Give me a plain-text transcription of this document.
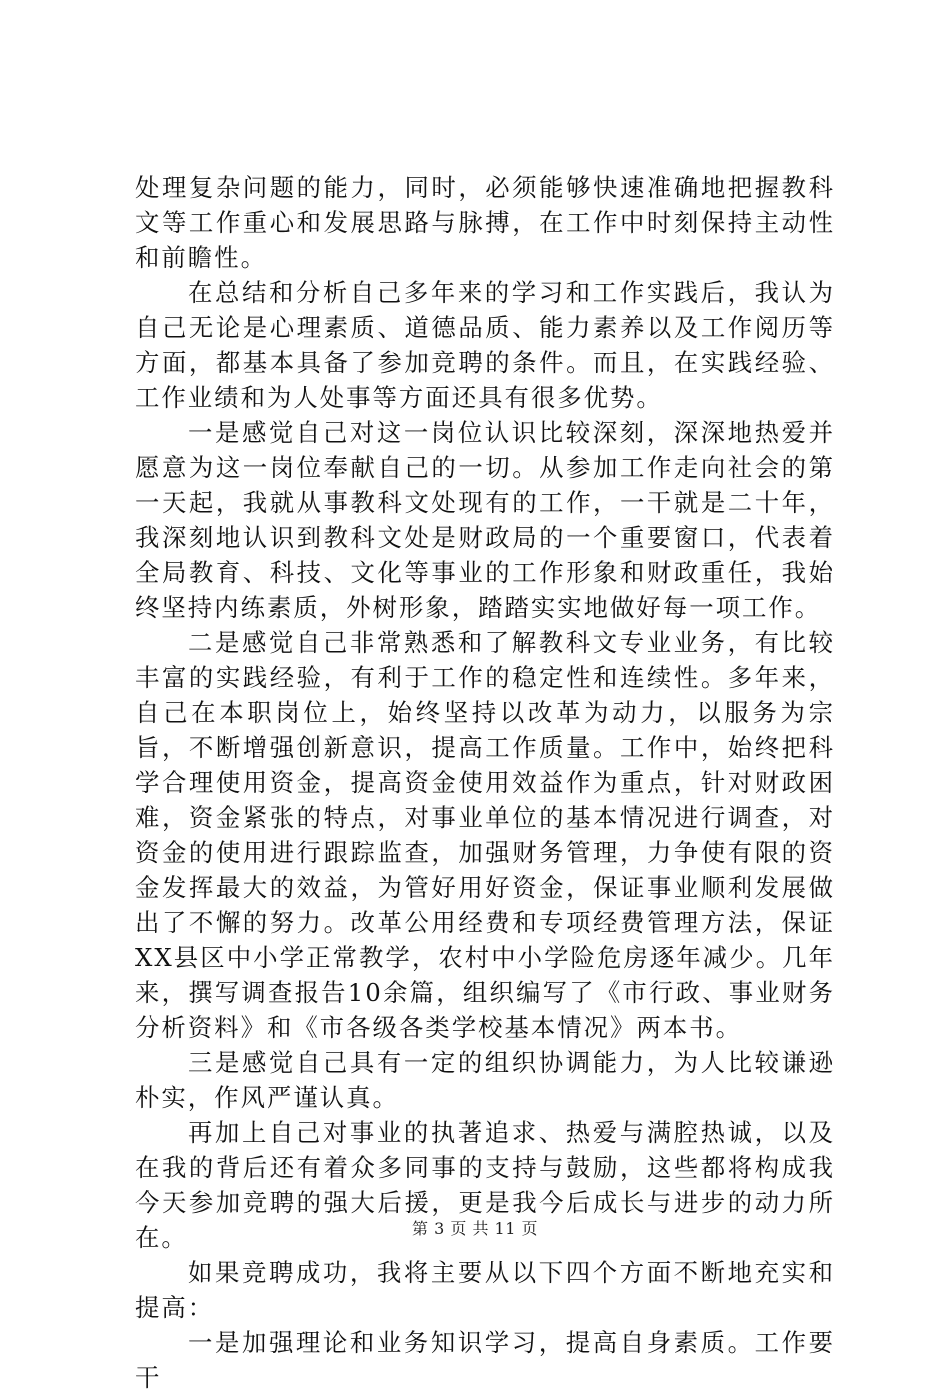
处理复杂问题的能力，同时，必须能够快速准确地把握教科文等工作重心和发展思路与脉搏，在工作中时刻保持主动性和前瞻性。

在总结和分析自己多年来的学习和工作实践后，我认为自己无论是心理素质、道德品质、能力素养以及工作阅历等方面，都基本具备了参加竞聘的条件。而且，在实践经验、工作业绩和为人处事等方面还具有很多优势。

一是感觉自己对这一岗位认识比较深刻，深深地热爱并愿意为这一岗位奉献自己的一切。从参加工作走向社会的第一天起，我就从事教科文处现有的工作，一干就是二十年，我深刻地认识到教科文处是财政局的一个重要窗口，代表着全局教育、科技、文化等事业的工作形象和财政重任，我始终坚持内练素质，外树形象，踏踏实实地做好每一项工作。

二是感觉自己非常熟悉和了解教科文专业业务，有比较丰富的实践经验，有利于工作的稳定性和连续性。多年来，自己在本职岗位上，始终坚持以改革为动力，以服务为宗旨，不断增强创新意识，提高工作质量。工作中，始终把科学合理使用资金，提高资金使用效益作为重点，针对财政困难，资金紧张的特点，对事业单位的基本情况进行调查，对资金的使用进行跟踪监查，加强财务管理，力争使有限的资金发挥最大的效益，为管好用好资金，保证事业顺利发展做出了不懈的努力。改革公用经费和专项经费管理方法，保证XX县区中小学正常教学，农村中小学险危房逐年减少。几年来，撰写调查报告10余篇，组织编写了《市行政、事业财务分析资料》和《市各级各类学校基本情况》两本书。

三是感觉自己具有一定的组织协调能力，为人比较谦逊朴实，作风严谨认真。

再加上自己对事业的执著追求、热爱与满腔热诚，以及在我的背后还有着众多同事的支持与鼓励，这些都将构成我今天参加竞聘的强大后援，更是我今后成长与进步的动力所在。

如果竞聘成功，我将主要从以下四个方面不断地充实和提高：

一是加强理论和业务知识学习，提高自身素质。工作要干

第 3 页 共 11 页
